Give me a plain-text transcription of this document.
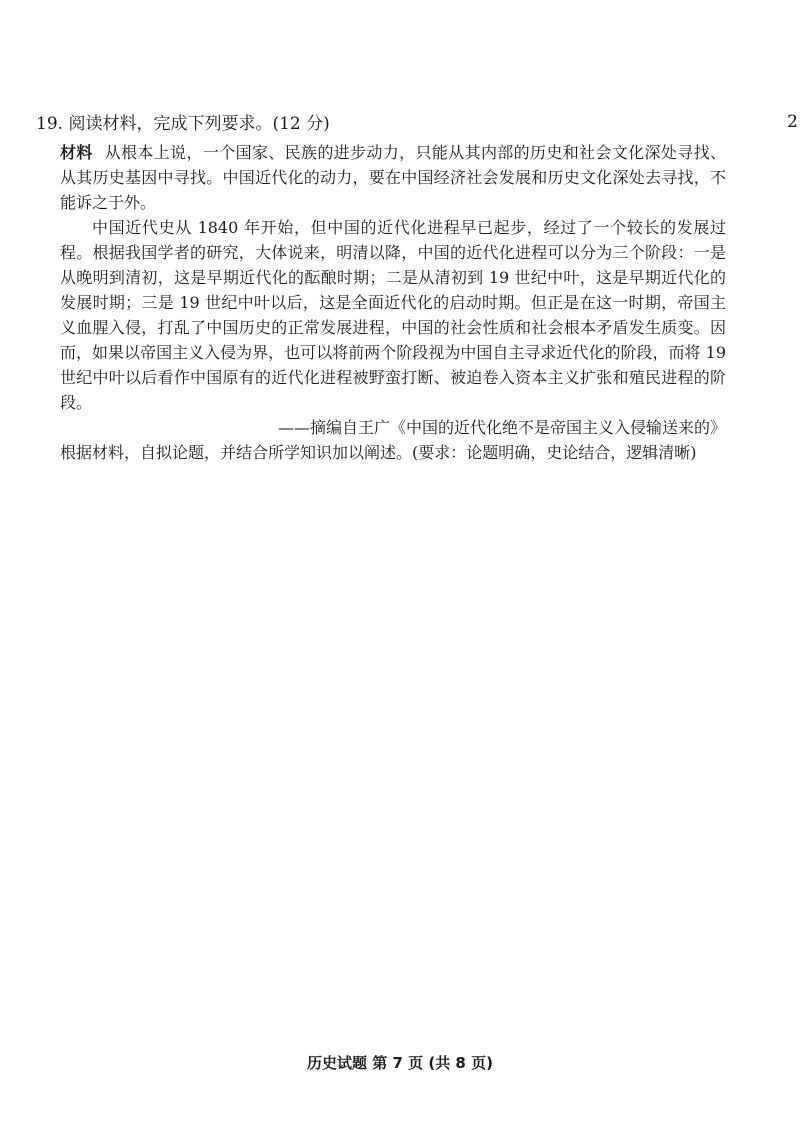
2

19. 阅读材料，完成下列要求。(12 分)

材料 从根本上说，一个国家、民族的进步动力，只能从其内部的历史和社会文化深处寻找、从其历史基因中寻找。中国近代化的动力，要在中国经济社会发展和历史文化深处去寻找，不能诉之于外。

中国近代史从 1840 年开始，但中国的近代化进程早已起步，经过了一个较长的发展过程。根据我国学者的研究，大体说来，明清以降，中国的近代化进程可以分为三个阶段：一是从晚明到清初，这是早期近代化的酝酿时期；二是从清初到 19 世纪中叶，这是早期近代化的发展时期；三是 19 世纪中叶以后，这是全面近代化的启动时期。但正是在这一时期，帝国主义血腥入侵，打乱了中国历史的正常发展进程，中国的社会性质和社会根本矛盾发生质变。因而，如果以帝国主义入侵为界，也可以将前两个阶段视为中国自主寻求近代化的阶段，而将 19 世纪中叶以后看作中国原有的近代化进程被野蛮打断、被迫卷入资本主义扩张和殖民进程的阶段。

——摘编自王广《中国的近代化绝不是帝国主义入侵输送来的》

根据材料，自拟论题，并结合所学知识加以阐述。(要求：论题明确，史论结合，逻辑清晰)

历史试题 第 7 页 (共 8 页)
